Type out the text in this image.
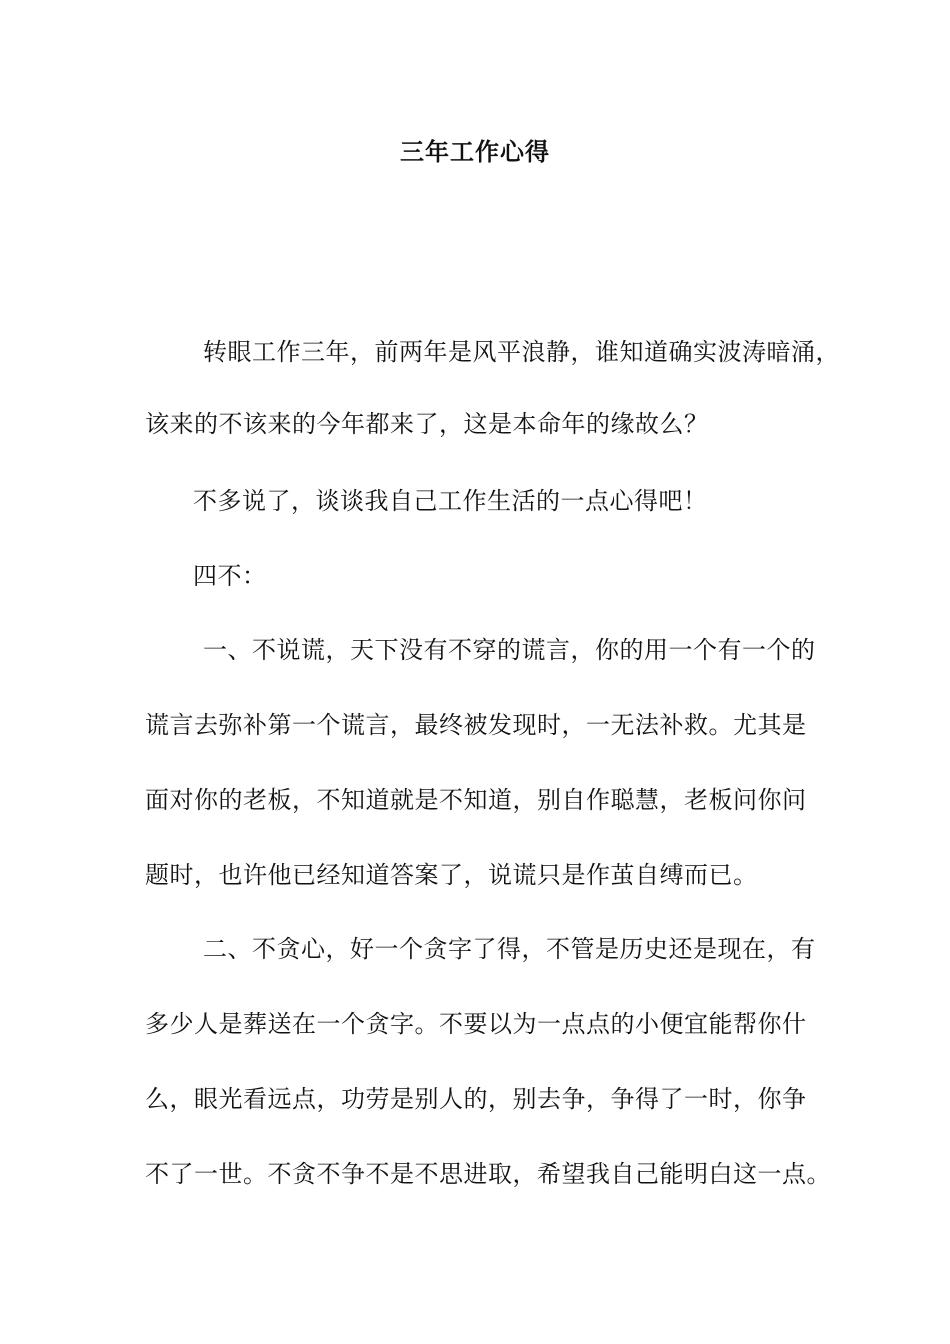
三年工作心得
转眼工作三年，前两年是风平浪静，谁知道确实波涛暗涌，
该来的不该来的今年都来了，这是本命年的缘故么？
不多说了，谈谈我自己工作生活的一点心得吧！
四不：
一、不说谎，天下没有不穿的谎言，你的用一个有一个的
谎言去弥补第一个谎言，最终被发现时，一无法补救。尤其是
面对你的老板，不知道就是不知道，别自作聪慧，老板问你问
题时，也许他已经知道答案了，说谎只是作茧自缚而已。
二、不贪心，好一个贪字了得，不管是历史还是现在，有
多少人是葬送在一个贪字。不要以为一点点的小便宜能帮你什
么，眼光看远点，功劳是别人的，别去争，争得了一时，你争
不了一世。不贪不争不是不思进取，希望我自己能明白这一点。
